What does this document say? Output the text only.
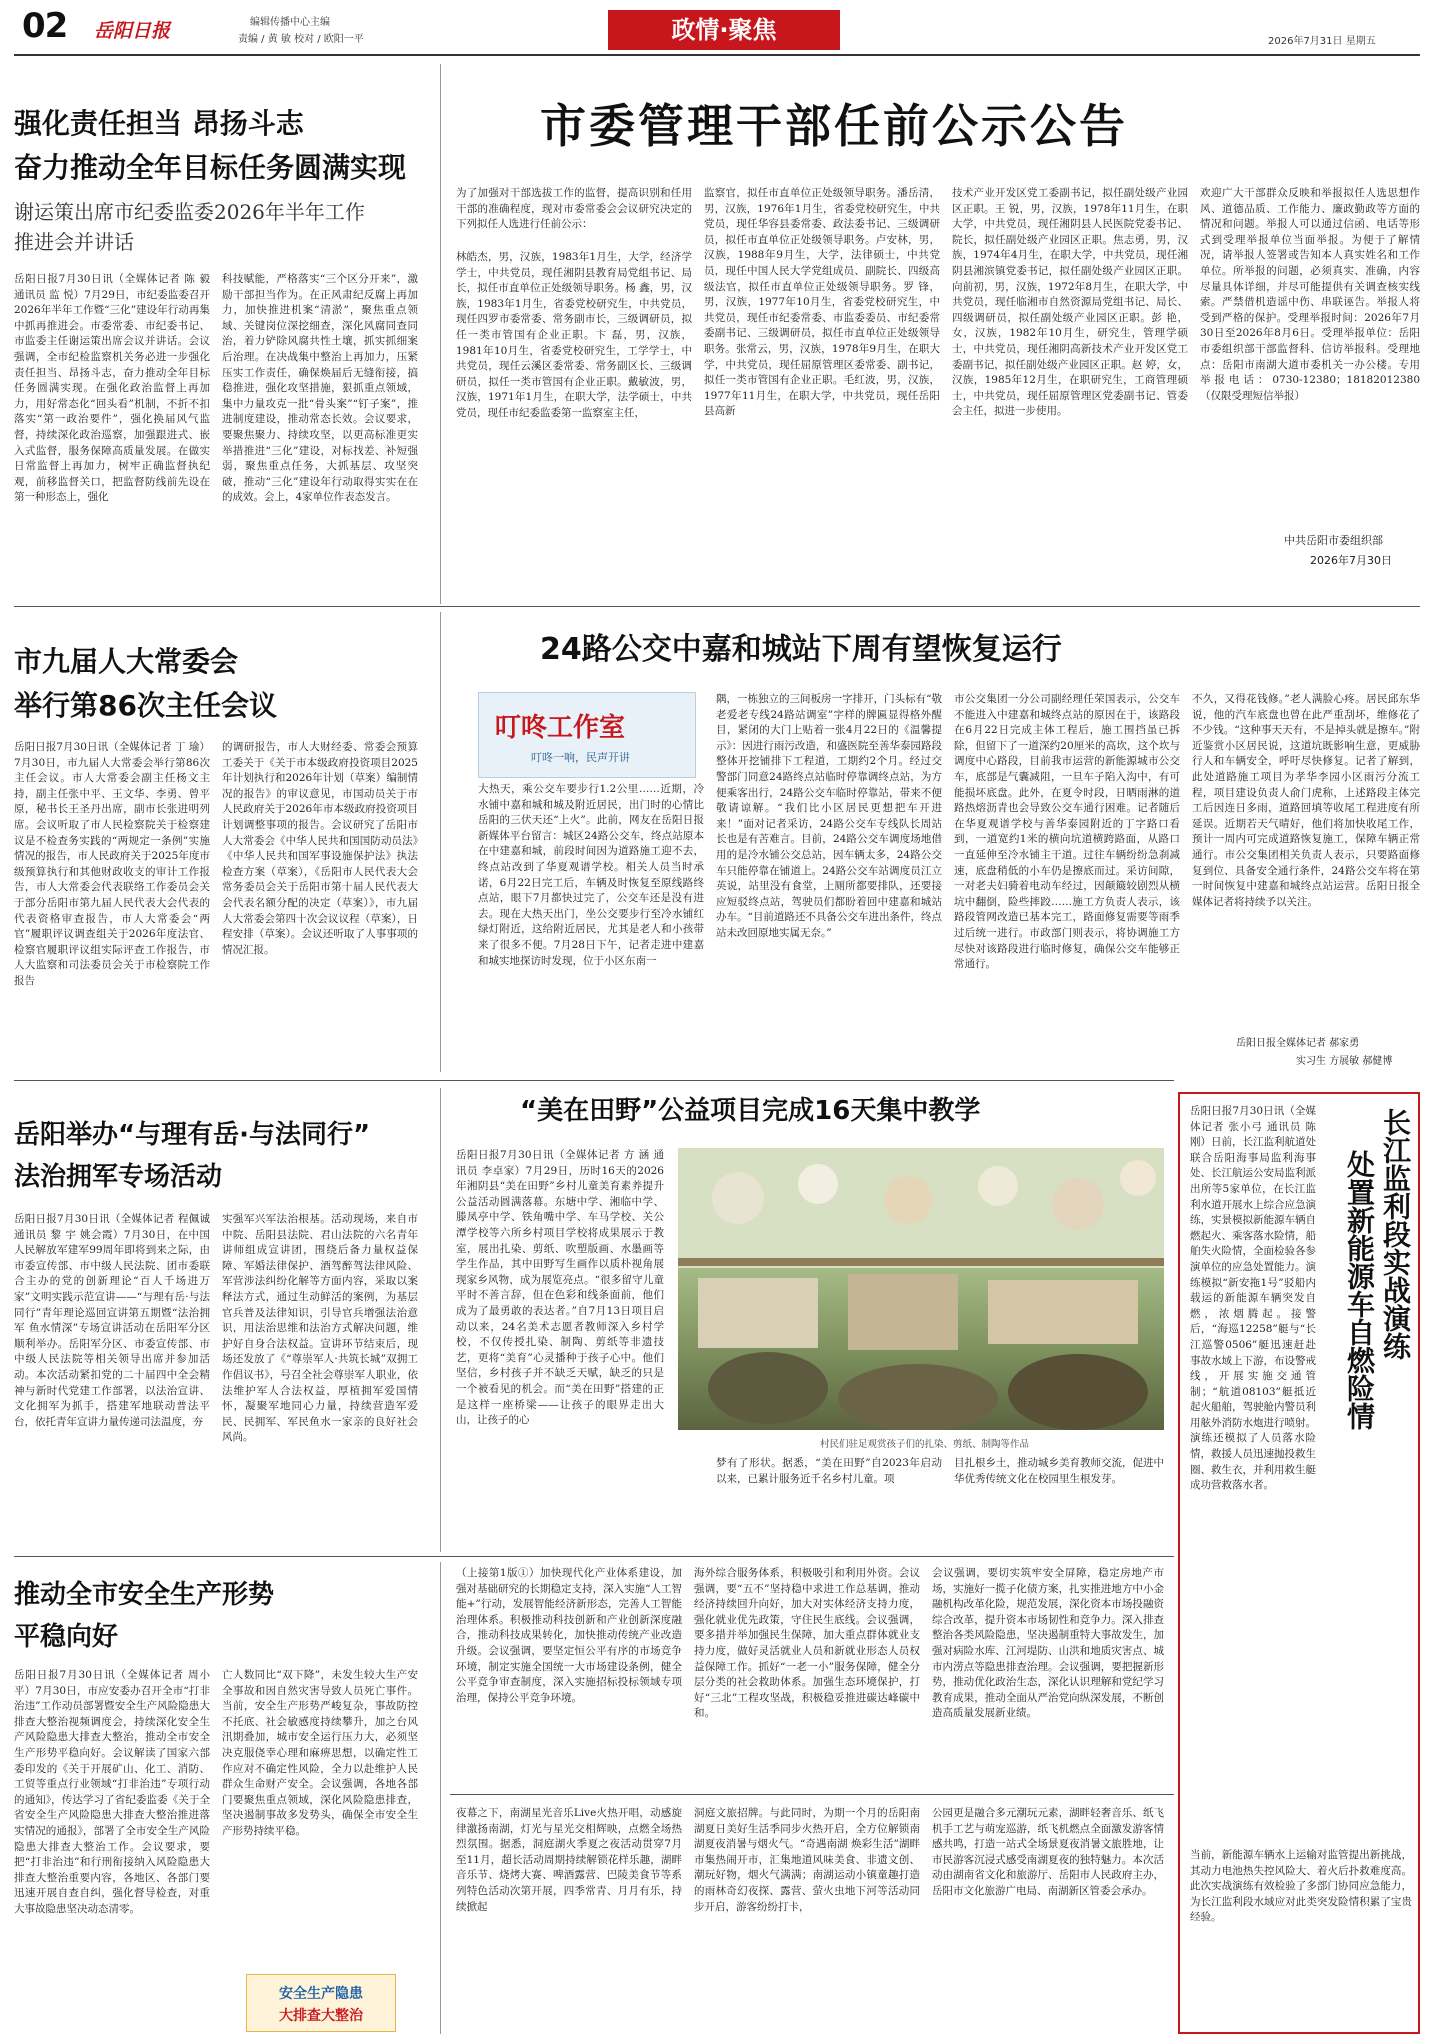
02 岳阳日报	编辑传播中心主编
责编 / 黄 敏 校对 / 欧阳一平	政情·聚焦	2026年7月31日 星期五
强化责任担当 昂扬斗志
奋力推动全年目标任务圆满实现
谢运策出席市纪委监委2026年半年工作
推进会并讲话
岳阳日报7月30日讯（全媒体记者 陈 毅 通讯员 监 悦）7月29日，市纪委监委召开2026年半年工作暨“三化”建设年行动再集中抓再推进会。市委常委、市纪委书记、市监委主任谢运策出席会议并讲话。会议强调，全市纪检监察机关务必进一步强化责任担当、昂扬斗志，奋力推动全年目标任务圆满实现。在强化政治监督上再加力，用好常态化“回头看”机制，不折不扣落实“第一政治要件”，强化换届风气监督，持续深化政治巡察，加强跟进式、嵌入式监督，服务保障高质量发展。在做实日常监督上再加力，树牢正确监督执纪观，前移监督关口，把监督防线前先设在第一种形态上，强化
科技赋能，严格落实“三个区分开来”，激励干部担当作为。在正风肃纪反腐上再加力，加快推进机案“清淤”，聚焦重点领域、关键岗位深挖细查，深化风腐同查同治，着力铲除风腐共性土壤，抓实抓细案后治理。在决战集中整治上再加力，压紧压实工作责任，确保焕届后无缝衔接，搞稳推进，强化攻坚措施，狠抓重点领域，集中力量攻克一批“骨头案”“钉子案”，推进制度建设，推动常态长效。会议要求，要聚焦聚力、持续攻坚，以更高标准更实举措推进“三化”建设，对标找差、补短强弱，聚焦重点任务，大抓基层、攻坚突破，推动“三化”建设年行动取得实实在在的成效。会上，4家单位作表态发言。
市委管理干部任前公示公告
为了加强对干部选拔工作的监督，提高识别和任用干部的准确程度，现对市委常委会会议研究决定的下列拟任人选进行任前公示：
林皓杰，男，汉族，1983年1月生，大学，经济学学士，中共党员，现任湘阴县教育局党组书记、局长，拟任市直单位正处级领导职务。杨 鑫，男，汉族，1983年1月生，省委党校研究生，中共党员，现任四罗市委常委、常务副市长，三级调研员，拟任一类市管国有企业正职。卞 磊，男，汉族，1981年10月生，省委党校研究生，工学学士，中共党员，现任云溪区委常委、常务副区长、三级调研员，拟任一类市管国有企业正职。戴敏波，男，汉族，1971年1月生，在职大学，法学硕士，中共党员，现任市纪委监委第一监察室主任，
监察官，拟任市直单位正处级领导职务。潘岳清，男，汉族，1976年1月生，省委党校研究生，中共党员，现任华容县委常委、政法委书记、三级调研员，拟任市直单位正处级领导职务。卢安林，男，汉族，1988年9月生，大学，法律硕士，中共党员，现任中国人民大学党组成员、副院长、四级高级法官，拟任市直单位正处级领导职务。罗 锋，男，汉族，1977年10月生，省委党校研究生，中共党员，现任市纪委常委、市监委委员、市纪委常委副书记、三级调研员，拟任市直单位正处级领导职务。张常云，男，汉族，1978年9月生，在职大学，中共党员，现任屈原管理区委常委、副书记，拟任一类市管国有企业正职。毛红波，男，汉族，1977年11月生，在职大学，中共党员，现任岳阳县高新
技术产业开发区党工委副书记，拟任副处级产业园区正职。王 锐，男，汉族，1978年11月生，在职大学，中共党员，现任湘阴县人民医院党委书记、院长，拟任副处级产业园区正职。焦志勇，男，汉族，1974年4月生，在职大学，中共党员，现任湘阴县湘滨镇党委书记，拟任副处级产业园区正职。向前初，男，汉族，1972年8月生，在职大学，中共党员，现任临湘市自然资源局党组书记、局长、四级调研员，拟任副处级产业园区正职。彭 艳，女，汉族，1982年10月生，研究生，管理学硕士，中共党员，现任湘阴高新技术产业开发区党工委副书记，拟任副处级产业园区正职。赵 婷，女，汉族，1985年12月生，在职研究生，工商管理硕士，中共党员，现任屈原管理区党委副书记、管委会主任，拟进一步使用。
欢迎广大干部群众反映和举报拟任人选思想作风、道德品质、工作能力、廉政勤政等方面的情况和问题。举报人可以通过信函、电话等形式到受理举报单位当面举报。为便于了解情况，请举报人签署或告知本人真实姓名和工作单位。所举报的问题，必须真实、准确，内容尽量具体详细，并尽可能提供有关调查核实线索。严禁借机造谣中伤、串联诬告。举报人将受到严格的保护。受理举报时间：2026年7月30日至2026年8月6日。受理举报单位：岳阳市委组织部干部监督科、信访举报科。受理地点：岳阳市南湖大道市委机关一办公楼。专用举报电话：0730-12380；18182012380（仅限受理短信举报）
中共岳阳市委组织部
2026年7月30日
市九届人大常委会
举行第86次主任会议
岳阳日报7月30日讯（全媒体记者 丁 瑜）7月30日，市九届人大常委会举行第86次主任会议。市人大常委会副主任杨文主持，副主任张中平、王文华、李勇、曾平原，秘书长王圣丹出席，副市长张进明列席。会议听取了市人民检察院关于检察建议是不检查务实践的“两规定一条例”实施情况的报告，市人民政府关于2025年度市级预算执行和其他财政收支的审计工作报告，市人大常委会代表联络工作委员会关于部分岳阳市第九届人民代表大会代表的代表资格审查报告，市人大常委会“两官”履职评议调查组关于2026年度法官、检察官履职评议组实际评查工作报告，市人大监察和司法委员会关于市检察院工作报告
的调研报告，市人大财经委、常委会预算工委关于《关于市本级政府投资项目2025年计划执行和2026年计划（草案）编制情况的报告》的审议意见，市国动员关于市人民政府关于2026年市本级政府投资项目计划调整事项的报告。会议研究了岳阳市人大常委会《中华人民共和国国防动员法》《中华人民共和国军事设施保护法》执法检查方案（草案），《岳阳市人民代表大会常务委员会关于岳阳市第十届人民代表大会代表名额分配的决定（草案）》，市九届人大常委会第四十次会议议程（草案），日程安排（草案）。会议还听取了人事事项的情况汇报。
24路公交中嘉和城站下周有望恢复运行
叮咚工作室
叮咚一响，民声开讲
大热天，乘公交车要步行1.2公里……近期，冷水铺中嘉和城和城及附近居民，出门时的心情比岳阳的三伏天还“上火”。此前，网友在岳阳日报新媒体平台留言：城区24路公交车，终点站原本在中建嘉和城，前段时间因为道路施工迎不去，终点站改到了华夏观谱学校。相关人员当时承诺，6月22日完工后，车辆及时恢复至原线路终点站，眼下7月都快过完了，公交车还是没有进去。现在大热天出门，坐公交要步行至冷水铺红绿灯附近，这给附近居民，尤其是老人和小孩带来了很多不便。7月28日下午，记者走进中建嘉和城实地探访时发现，位于小区东南一
隅，一栋独立的三间板房一字排开，门头标有“敬老爱老专线24路站调室”字样的牌匾显得格外醒目，紧闭的大门上贴着一张4月22日的《温馨提示》：因进行雨污改造，和盛医院至善华泰园路段整体开挖铺排下工程道，工期约2个月。经过交警部门同意24路终点站临时停靠调终点站，为方便乘客出行，24路公交车临时停靠站，带来不便敬请谅解。“我们比小区居民更想把车开进来！”面对记者采访，24路公交车专线队长周站长也是有苦难言。目前，24路公交车调度场地借用的是冷水铺公交总站，因车辆太多，24路公交车只能停靠在铺道上。24路公交车站调度员江立英说，站里没有食堂，上厕所都要排队，还要接应短驳终点站，驾驶员们都盼着回中建嘉和城站办车。“目前道路还不具备公交车进出条件，终点站未改回原地实属无奈。”
市公交集团一分公司副经理任荣国表示，公交车不能进入中建嘉和城终点站的原因在于，该路段在6月22日完成主体工程后，施工围挡虽已拆除，但留下了一道深约20厘米的高坎，这个坎与调度中心路段，目前我市运营的新能源城市公交车，底部是气囊减阻，一旦车子陷入沟中，有可能损坏底盘。此外，在夏令时段，日晒雨淋的道路热熔沥青也会导致公交车通行困难。记者随后在华夏观谱学校与善华泰园附近的丁字路口看到，一道宽约1米的横向坑道横跨路面，从路口一直延伸至冷水铺主干道。过往车辆纷纷急刹减速，底盘稍低的小车仍是擦底而过。采访间隙，一对老夫妇骑着电动车经过，因颠簸较剧烈从横坑中翻倒，险些摔跤……施工方负责人表示，该路段管网改造已基本完工，路面修复需要等雨季过后统一进行。市政部门则表示，将协调施工方尽快对该路段进行临时修复，确保公交车能够正常通行。
不久，又得花钱修。”老人满脸心疼。居民邱东华说，他的汽车底盘也曾在此严重刮坏，维修花了不少钱。“这种事天天有，不是掉头就是擦车。”附近鉴赏小区居民说，这道坑既影响生意，更威胁行人和车辆安全，呼吁尽快修复。记者了解到，此处道路施工项目为孝华李园小区雨污分流工程，项目建设负责人俞门虎称，上述路段主体完工后因连日多雨，道路回填等收尾工程进度有所延误。近期若天气晴好，他们将加快收尾工作，预计一周内可完成道路恢复施工，保障车辆正常通行。市公交集团相关负责人表示，只要路面修复到位、具备安全通行条件，24路公交车将在第一时间恢复中建嘉和城终点站运营。岳阳日报全媒体记者将持续予以关注。
岳阳日报全媒体记者 郝家勇
实习生 方展敏 郝健博
岳阳举办“与理有岳·与法同行”
法治拥军专场活动
岳阳日报7月30日讯（全媒体记者 程佩诚 通讯员 黎 宇 姚会霞）7月30日，在中国人民解放军建军99周年即将到来之际，由市委宣传部、市中级人民法院、团市委联合主办的党的创新理论“百人千场进万家”文明实践示范宣讲——“与理有岳·与法同行”青年理论巡回宣讲第五期暨“法治拥军 鱼水情深”专场宣讲活动在岳阳军分区顺利举办。岳阳军分区、市委宣传部、市中级人民法院等相关领导出席并参加活动。本次活动紧扣党的二十届四中全会精神与新时代党建工作部署，以法治宣讲、文化拥军为抓手，搭建军地联动普法平台，依托青年宣讲力量传递司法温度，夯
实强军兴军法治根基。活动现场，来自市中院、岳阳县法院、君山法院的六名青年讲师组成宣讲团，围绕后备力量权益保障、军婚法律保护、酒驾醉驾法律风险、军营涉法纠纷化解等方面内容，采取以案释法方式，通过生动鲜活的案例，为基层官兵普及法律知识，引导官兵增强法治意识，用法治思维和法治方式解决问题，维护好自身合法权益。宣讲环节结束后，现场还发放了《“尊崇军人·共筑长城”双拥工作倡议书》，号召全社会尊崇军人职业，依法维护军人合法权益，厚植拥军爱国情怀，凝聚军地同心力量，持续营造军爱民、民拥军、军民鱼水一家亲的良好社会风尚。
“美在田野”公益项目完成16天集中教学
岳阳日报7月30日讯（全媒体记者 方 涵 通讯员 李卓家）7月29日，历时16天的2026年湘阴县“美在田野”乡村儿童美育素养提升公益活动圆满落幕。东塘中学、湘临中学、滕凤亭中学、铁角嘴中学、车马学校、关公潭学校等六所乡村项目学校将成果展示于教室，展出扎染、剪纸、吹塑版画、水墨画等学生作品，其中田野写生画作以质朴视角展现家乡风物，成为展览亮点。“很多留守儿童平时不善言辞，但在色彩和线条面前，他们成为了最勇敢的表达者。”自7月13日项目启动以来，24名美术志愿者教师深入乡村学校，不仅传授扎染、制陶、剪纸等非遗技艺，更将“美育”心灵播种于孩子心中。他们坚信，乡村孩子并不缺乏天赋，缺乏的只是一个被看见的机会。而“美在田野”搭建的正是这样一座桥梁——让孩子的眼界走出大山，让孩子的心
村民们驻足观赏孩子们的扎染、剪纸、制陶等作品
梦有了形状。据悉，“美在田野”自2023年启动以来，已累计服务近千名乡村儿童。项
目扎根乡土，推动城乡美育教师交流，促进中华优秀传统文化在校园里生根发芽。
岳阳日报7月30日讯（全媒体记者 张小弓 通讯员 陈刚）日前，长江监利航道处联合岳阳海事局监利海事处、长江航运公安局监利派出所等5家单位，在长江监利水道开展水上综合应急演练，实景模拟新能源车辆自燃起火、乘客落水险情，船舶失火险情，全面检验各参演单位的应急处置能力。演练模拟“新安拖1号”驳船内载运的新能源车辆突发自燃，浓烟腾起。接警后，“海巡12258”艇与“长江巡警0506”艇迅速赶赴事故水域上下游，布设警戒线，开展实施交通管制；“航道08103”艇抵近起火船舶，驾驶舱内警员利用舷外消防水炮进行喷射。演练还模拟了人员落水险情，救援人员迅速抛投救生圈、救生衣，并利用救生艇成功营救落水者。
长江监利段实战演练
处置新能源车自燃险情
当前，新能源车辆水上运输对监管提出新挑战，其动力电池热失控风险大、着火后扑救难度高。此次实战演练有效检验了多部门协同应急能力，为长江监利段水域应对此类突发险情积累了宝贵经验。
推动全市安全生产形势
平稳向好
岳阳日报7月30日讯（全媒体记者 周小平）7月30日，市应安委办召开全市“打非治违”工作动员部署暨安全生产风险隐患大排查大整治视频调度会，持续深化安全生产风险隐患大排查大整治，推动全市安全生产形势平稳向好。会议解读了国家六部委印发的《关于开展矿山、化工、消防、工贸等重点行业领域“打非治违”专项行动的通知》，传达学习了省纪委监委《关于全省安全生产风险隐患大排查大整治推进落实情况的通报》，部署了全市安全生产风险隐患大排查大整治工作。会议要求，要把“打非治违”和行刑衔接纳入风险隐患大排查大整治重要内容，各地区、各部门要迅速开展自查自纠，强化督导检查，对重大事故隐患坚决动态清零。
亡人数同比“双下降”，未发生较大生产安全事故和因自然灾害导致人员死亡事件。当前，安全生产形势严峻复杂，事故防控不托底、社会敏感度持续攀升，加之台风汛期叠加，城市安全运行压力大，必须坚决克服侥幸心理和麻痹思想，以确定性工作应对不确定性风险，全力以赴维护人民群众生命财产安全。会议强调，各地各部门要聚焦重点领域，深化风险隐患排查，坚决遏制事故多发势头，确保全市安全生产形势持续平稳。
安全生产隐患
大排查大整治
（上接第1版①）加快现代化产业体系建设，加强对基础研究的长期稳定支持，深入实施“人工智能+”行动，发展智能经济新形态，完善人工智能治理体系。积极推动科技创新和产业创新深度融合，推动科技成果转化，加快推动传统产业改造升级。会议强调，要坚定恒公平有序的市场竞争环境，制定实施全国统一大市场建设条例，健全公平竞争审查制度，深入实施招标投标领域专项治理，保持公平竞争环境。
海外综合服务体系，积极吸引和利用外资。会议强调，要“五不”坚持稳中求进工作总基调，推动经济持续回升向好，加大对实体经济支持力度，强化就业优先政策，守住民生底线。会议强调，要多措并举加强民生保障，加大重点群体就业支持力度，做好灵活就业人员和新就业形态人员权益保障工作。抓好“一老一小”服务保障，健全分层分类的社会救助体系。加强生态环境保护，打好“三北”工程攻坚战，积极稳妥推进碳达峰碳中和。
会议强调，要切实筑牢安全屏障，稳定房地产市场，实施好一揽子化债方案，扎实推进地方中小金融机构改革化险，规范发展，深化资本市场投融资综合改革，提升资本市场韧性和竞争力。深入排查整治各类风险隐患，坚决遏制重特大事故发生，加强对病险水库、江河堤防、山洪和地质灾害点、城市内涝点等隐患排查治理。会议强调，要把握新形势，推动优化政治生态，深化认识理解和党纪学习教育成果，推动全面从严治党向纵深发展，不断创造高质量发展新业绩。
夜幕之下，南湖星光音乐Live火热开唱，动感旋律激扬南湖，灯光与星光交相辉映，点燃全场热烈氛围。据悉，洞庭湖火季夏之夜活动贯穿7月至11月，超长活动周期持续解锁花样乐趣，湖畔音乐节、烧烤大赛、啤酒露营、巴陵美食节等系列特色活动次第开展，四季常青、月月有乐，持续掀起
洞庭文旅招牌。与此同时，为期一个月的岳阳南湖夏日美好生活季同步火热开启，全方位解锁南湖夏夜消暑与烟火气。“奇遇南湖 焕彩生活”湖畔市集热闹开市，汇集地道风味美食、非遗文创、潮玩好物，烟火气满满；南湖运动小镇童趣打造的雨林奇幻夜探、露营、萤火虫地下河等活动同步开启，游客纷纷打卡，
公园更是融合多元潮玩元素，湖畔轻奢音乐、纸飞机手工艺与萌宠巡游，纸飞机燃点全面激发游客情感共鸣，打造一站式全场景夏夜消暑文旅胜地，让市民游客沉浸式感受南湖夏夜的独特魅力。本次活动由湖南省文化和旅游厅、岳阳市人民政府主办，岳阳市文化旅游广电局、南湖新区管委会承办。
